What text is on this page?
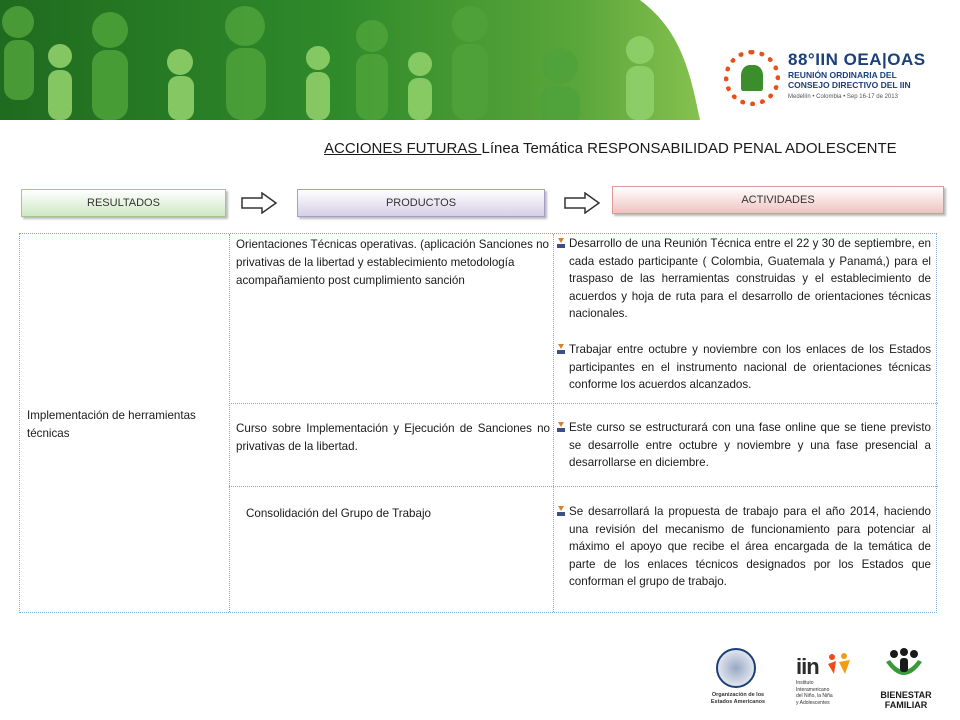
88°IIN OEA|OAS
REUNIÓN ORDINARIA DEL
CONSEJO DIRECTIVO DEL IIN
Medellín • Colombia • Sep 16-17 de 2013
ACCIONES FUTURAS Línea Temática RESPONSABILIDAD PENAL ADOLESCENTE
RESULTADOS	PRODUCTOS	ACTIVIDADES
Implementación de herramientas técnicas
Orientaciones Técnicas operativas. (aplicación Sanciones no privativas de la libertad y establecimiento metodología acompañamiento post cumplimiento sanción
Curso sobre Implementación y Ejecución de Sanciones no privativas de la libertad.
Consolidación del Grupo de Trabajo
Desarrollo de una Reunión Técnica entre el 22 y 30 de septiembre, en cada estado participante ( Colombia, Guatemala y Panamá,) para el traspaso de las herramientas construidas y el establecimiento de acuerdos y hoja de ruta para el desarrollo de orientaciones técnicas nacionales.
Trabajar entre octubre y noviembre con los enlaces de los Estados participantes en el instrumento nacional de orientaciones técnicas conforme los acuerdos alcanzados.
Este curso se estructurará con una fase online que se tiene previsto se desarrolle entre octubre y noviembre y una fase presencial a desarrollarse en diciembre.
Se desarrollará la propuesta de trabajo para el año 2014, haciendo una revisión del mecanismo de funcionamiento para potenciar al máximo el apoyo que recibe el área encargada de la temática de parte de los enlaces técnicos designados por los Estados que conforman el grupo de trabajo.
Organización de los
Estados Americanos
iin
Instituto
Interamericano
del Niño, la Niña
y Adolescentes
BIENESTAR
FAMILIAR
